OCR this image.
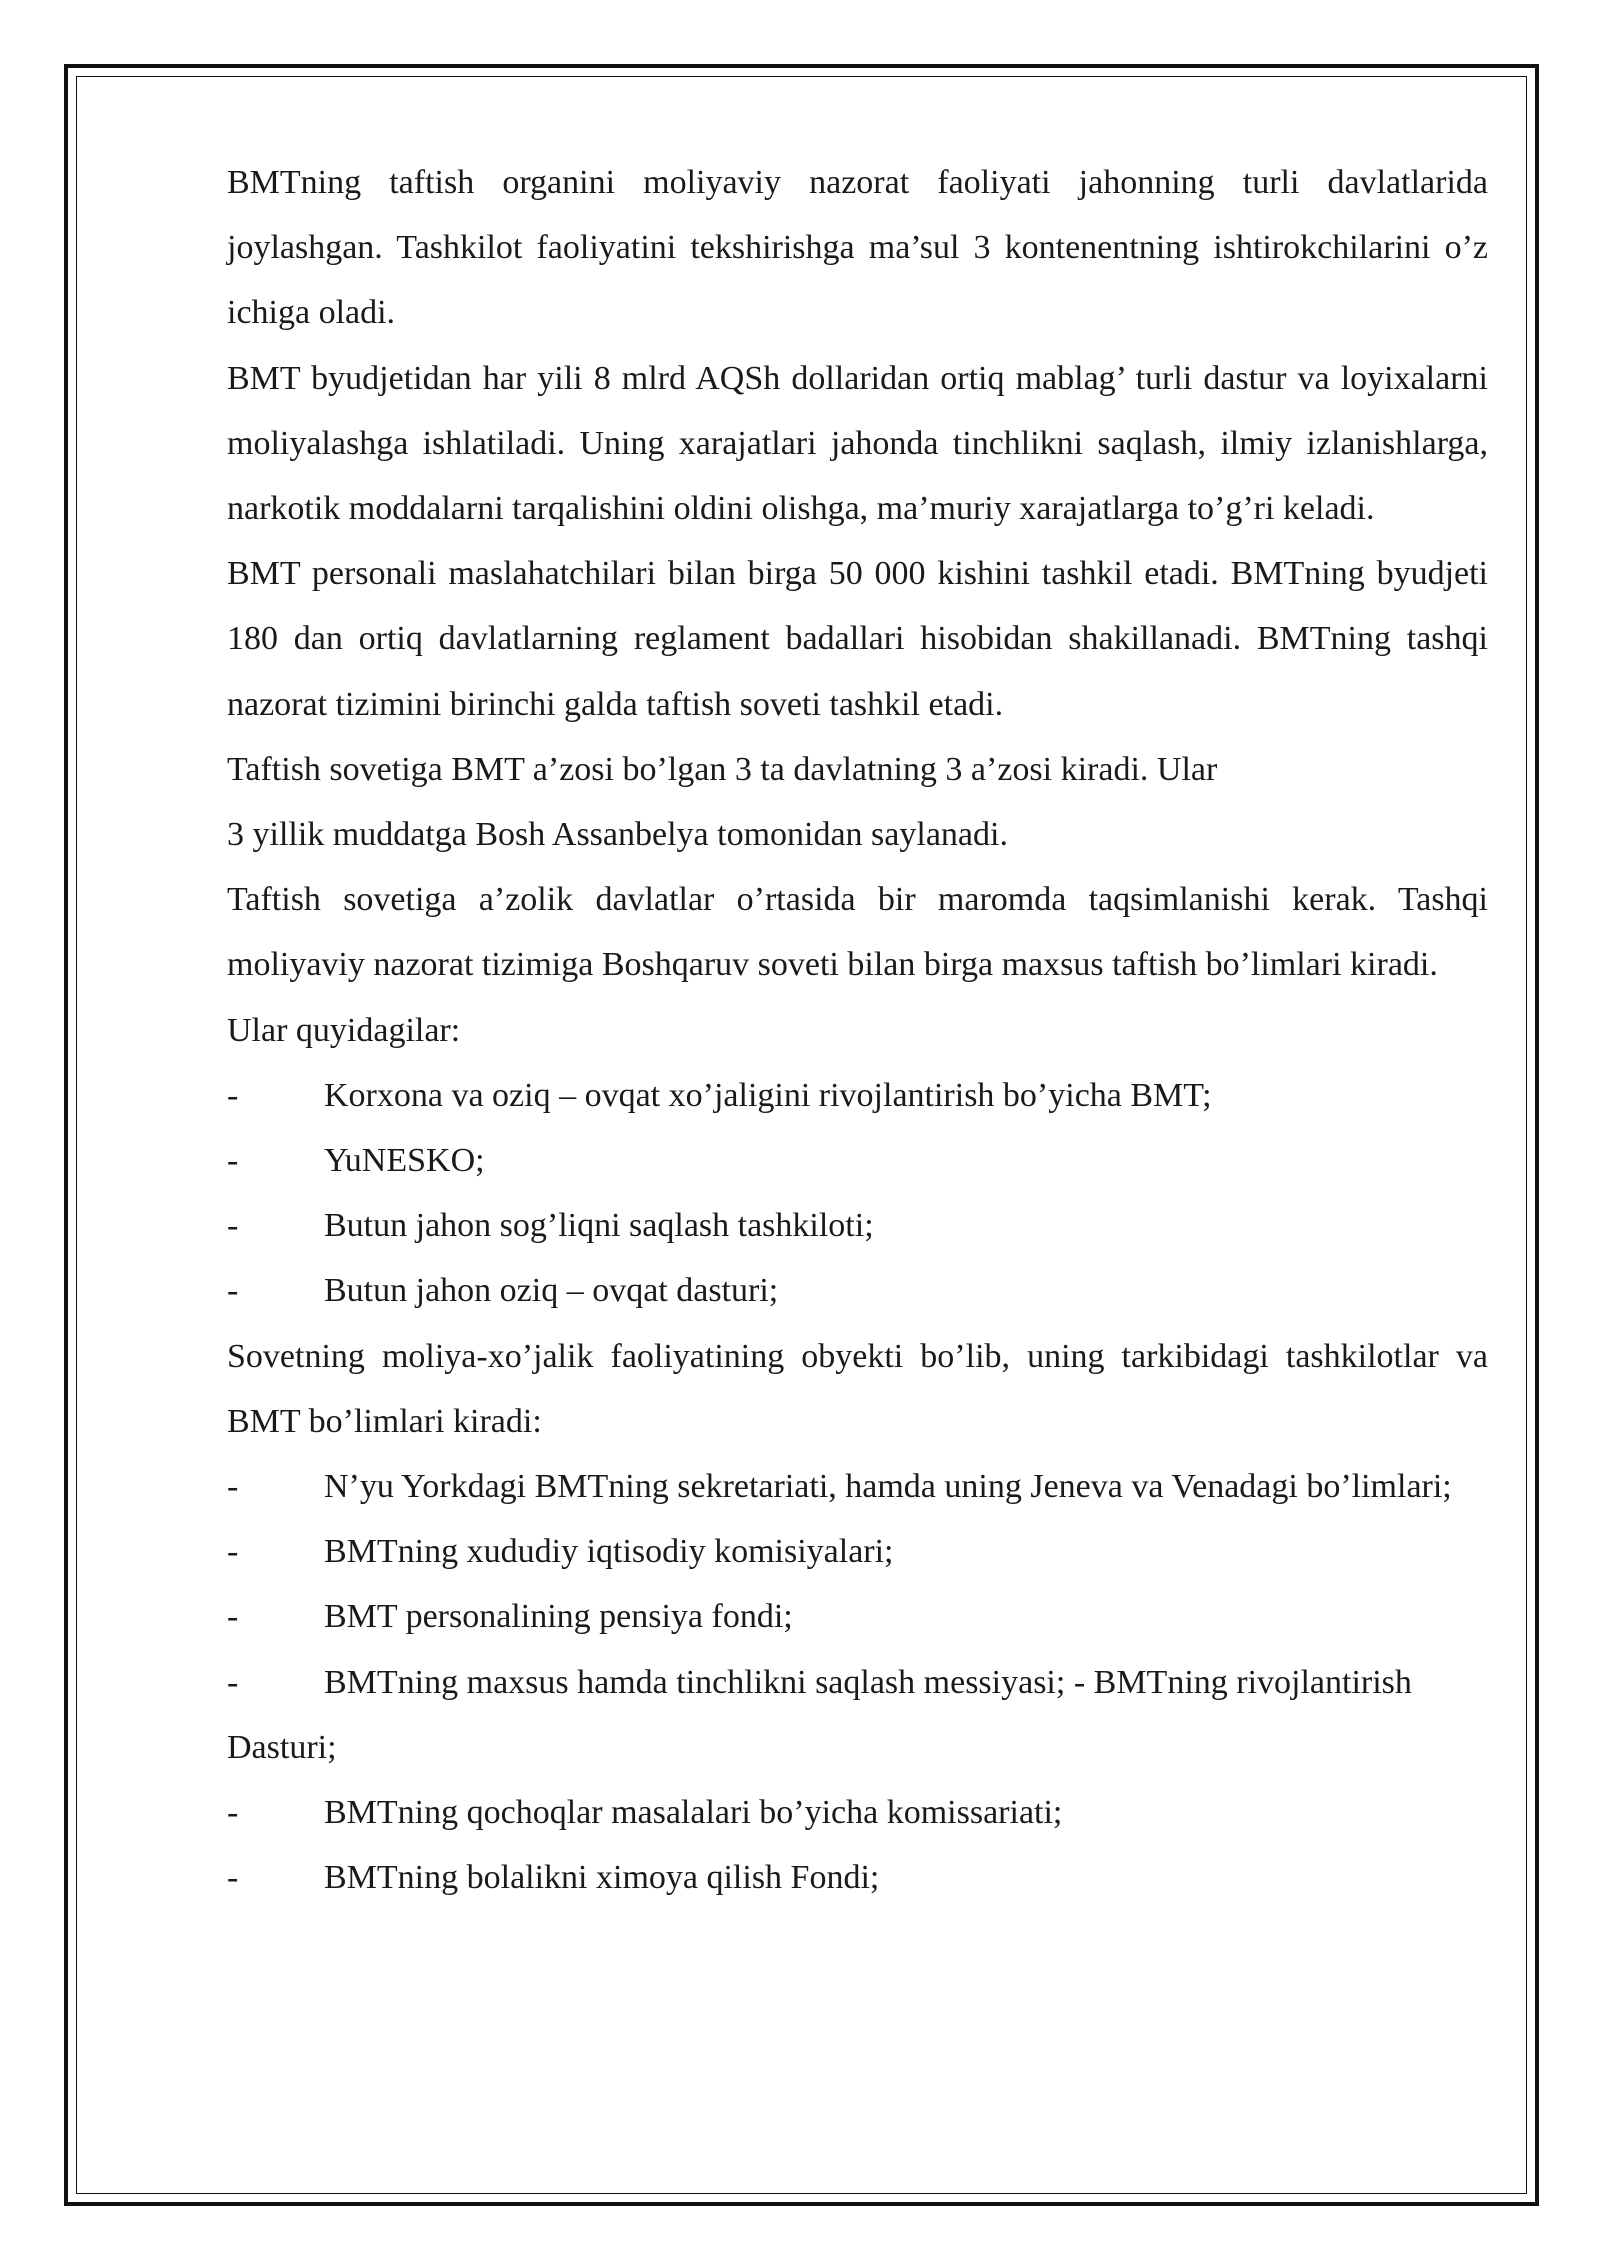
BMTning taftish organini moliyaviy nazorat faoliyati jahonning turli davlatlarida joylashgan. Tashkilot faoliyatini tekshirishga ma’sul 3 kontenentning ishtirokchilarini o’z ichiga oladi.

BMT byudjetidan har yili 8 mlrd AQSh dollaridan ortiq mablag’ turli dastur va loyixalarni moliyalashga ishlatiladi. Uning xarajatlari jahonda tinchlikni saqlash, ilmiy izlanishlarga, narkotik moddalarni tarqalishini oldini olishga, ma’muriy xarajatlarga to’g’ri keladi.

BMT personali maslahatchilari bilan birga 50 000 kishini tashkil etadi. BMTning byudjeti 180 dan ortiq davlatlarning reglament badallari hisobidan shakillanadi. BMTning tashqi nazorat tizimini birinchi galda taftish soveti tashkil etadi.

Taftish sovetiga BMT a’zosi bo’lgan 3 ta davlatning 3 a’zosi kiradi. Ular

3 yillik muddatga Bosh Assanbelya tomonidan saylanadi.

Taftish sovetiga a’zolik davlatlar o’rtasida bir maromda taqsimlanishi kerak. Tashqi moliyaviy nazorat tizimiga Boshqaruv soveti bilan birga maxsus taftish bo’limlari kiradi.

Ular quyidagilar:

-	Korxona va oziq – ovqat xo’jaligini rivojlantirish bo’yicha BMT;

-	YuNESKO;

-	Butun jahon sog’liqni saqlash tashkiloti;

-	Butun jahon oziq – ovqat dasturi;

Sovetning moliya-xo’jalik faoliyatining obyekti bo’lib, uning tarkibidagi tashkilotlar va BMT bo’limlari kiradi:

-	N’yu Yorkdagi BMTning sekretariati, hamda uning Jeneva va Venadagi bo’limlari;

-	BMTning xududiy iqtisodiy komisiyalari;

-	BMT personalining pensiya fondi;

-	BMTning maxsus hamda tinchlikni saqlash messiyasi; - BMTning rivojlantirish Dasturi;

-	BMTning qochoqlar masalalari bo’yicha komissariati;

-	BMTning bolalikni ximoya qilish Fondi;
